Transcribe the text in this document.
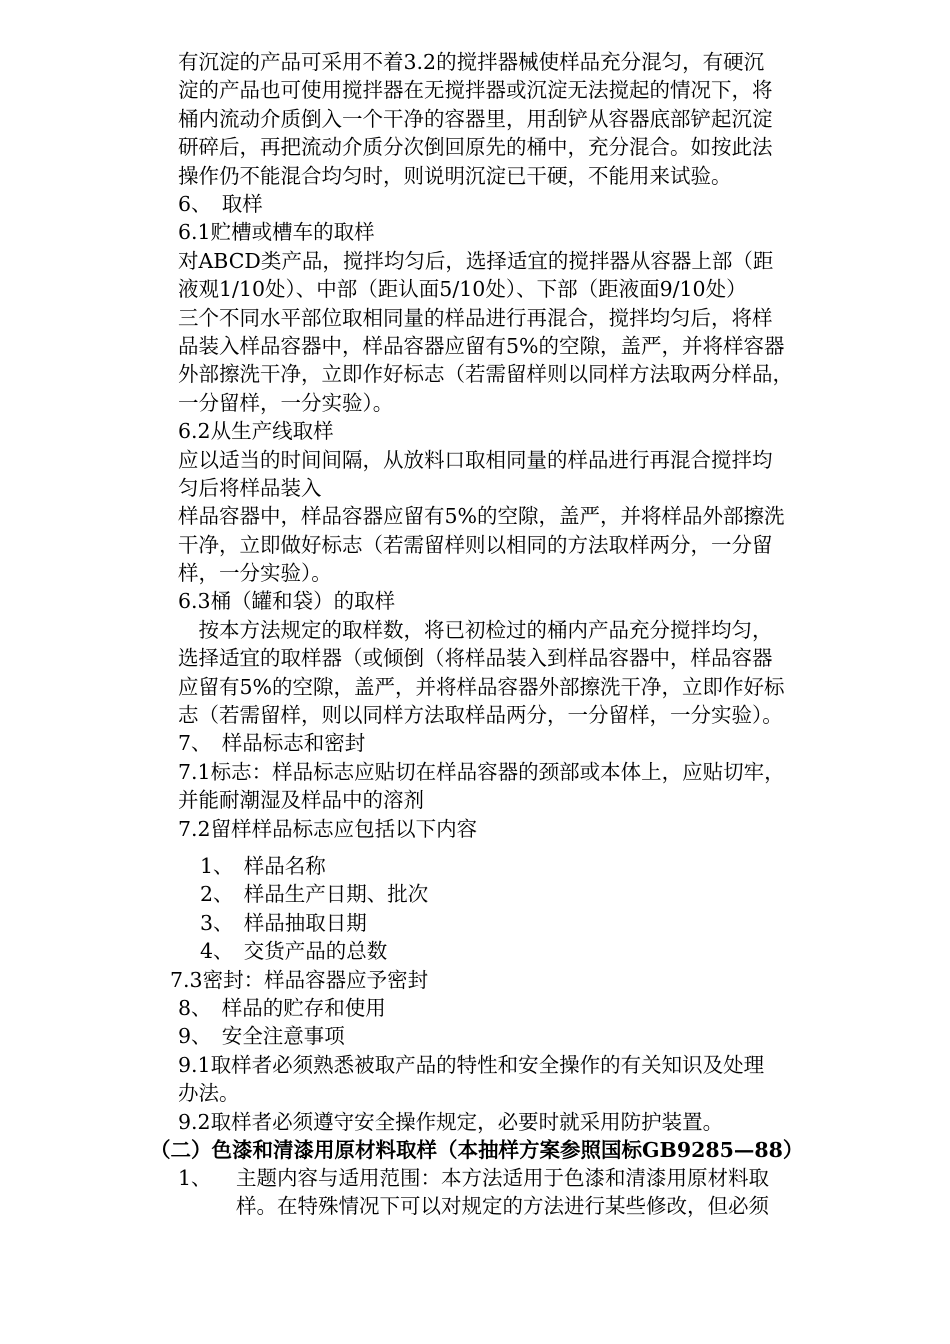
有沉淀的产品可采用不着3.2的搅拌器械使样品充分混匀，有硬沉
淀的产品也可使用搅拌器在无搅拌器或沉淀无法搅起的情况下，将
桶内流动介质倒入一个干净的容器里，用刮铲从容器底部铲起沉淀
研碎后，再把流动介质分次倒回原先的桶中，充分混合。如按此法
操作仍不能混合均匀时，则说明沉淀已干硬，不能用来试验。
6、　取样
6.1贮槽或槽车的取样
对ABCD类产品，搅拌均匀后，选择适宜的搅拌器从容器上部（距
液观1/10处）、中部（距认面5/10处）、下部（距液面9/10处）
三个不同水平部位取相同量的样品进行再混合，搅拌均匀后，将样
品装入样品容器中，样品容器应留有5%的空隙，盖严，并将样容器
外部擦洗干净，立即作好标志（若需留样则以同样方法取两分样品，
一分留样，一分实验）。
6.2从生产线取样
应以适当的时间间隔，从放料口取相同量的样品进行再混合搅拌均
匀后将样品装入
样品容器中，样品容器应留有5%的空隙，盖严，并将样品外部擦洗
干净，立即做好标志（若需留样则以相同的方法取样两分，一分留
样，一分实验）。
6.3桶（罐和袋）的取样
　按本方法规定的取样数，将已初检过的桶内产品充分搅拌均匀，
选择适宜的取样器（或倾倒（将样品装入到样品容器中，样品容器
应留有5%的空隙，盖严，并将样品容器外部擦洗干净，立即作好标
志（若需留样，则以同样方法取样品两分，一分留样，一分实验）。
7、　样品标志和密封
7.1标志：样品标志应贴切在样品容器的颈部或本体上，应贴切牢，
并能耐潮湿及样品中的溶剂
7.2留样样品标志应包括以下内容
1、　样品名称
2、　样品生产日期、批次
3、　样品抽取日期
4、　交货产品的总数
7.3密封：样品容器应予密封
8、　样品的贮存和使用
9、　安全注意事项
9.1取样者必须熟悉被取产品的特性和安全操作的有关知识及处理
办法。
9.2取样者必须遵守安全操作规定，必要时就采用防护装置。
（二）色漆和清漆用原材料取样（本抽样方案参照国标GB9285—88）
1、 主题内容与适用范围：本方法适用于色漆和清漆用原材料取
样。在特殊情况下可以对规定的方法进行某些修改，但必须
